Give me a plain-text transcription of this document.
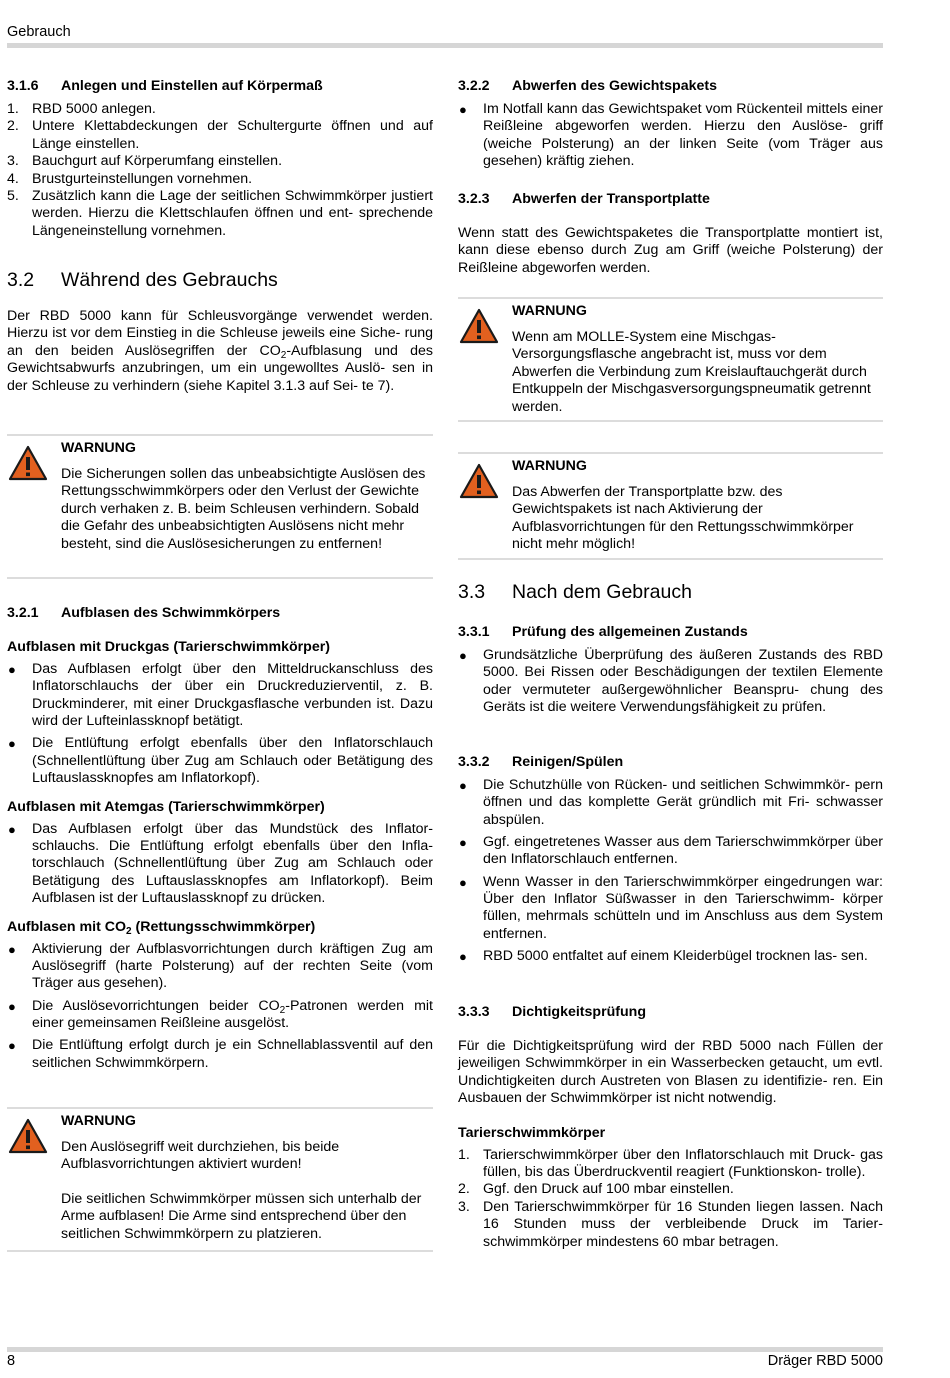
Gebrauch
3.1.6 Anlegen und Einstellen auf Körpermaß
1. RBD 5000 anlegen.
2. Untere Klettabdeckungen der Schultergurte öffnen und auf Länge einstellen.
3. Bauchgurt auf Körperumfang einstellen.
4. Brustgurteinstellungen vornehmen.
5. Zusätzlich kann die Lage der seitlichen Schwimmkörper justiert werden. Hierzu die Klettschlaufen öffnen und ent- sprechende Längeneinstellung vornehmen.
3.2 Während des Gebrauchs

Der RBD 5000 kann für Schleusvorgänge verwendet werden. Hierzu ist vor dem Einstieg in die Schleuse jeweils eine Siche- rung an den beiden Auslösegriffen der $CO_2$-Aufblasung und des Gewichtsabwurfs anzubringen, um ein ungewolltes Auslö- sen in der Schleuse zu verhindern (siehe Kapitel 3.1.3 auf Sei- te 7).

WARNUNG
Die Sicherungen sollen das unbeabsichtigte Auslösen des Rettungsschwimmkörpers oder den Verlust der Gewichte durch verhaken z. B. beim Schleusen verhindern. Sobald die Gefahr des unbeabsichtigten Auslösens nicht mehr besteht, sind die Auslösesicherungen zu entfernen!
3.2.1 Aufblasen des Schwimmkörpers
Aufblasen mit Druckgas (Tarierschwimmkörper)
● Das Aufblasen erfolgt über den Mitteldruckanschluss des Inflatorschlauchs der über ein Druckreduzierventil, z. B. Druckminderer, mit einer Druckgasflasche verbunden ist. Dazu wird der Lufteinlassknopf betätigt.
● Die Entlüftung erfolgt ebenfalls über den Inflatorschlauch (Schnellentlüftung über Zug am Schlauch oder Betätigung des Luftauslassknopfes am Inflatorkopf).
Aufblasen mit Atemgas (Tarierschwimmkörper)
● Das Aufblasen erfolgt über das Mundstück des Inflator- schlauchs. Die Entlüftung erfolgt ebenfalls über den Infla- torschlauch (Schnellentlüftung über Zug am Schlauch oder Betätigung des Luftauslassknopfes am Inflatorkopf). Beim Aufblasen ist der Luftauslassknopf zu drücken.
Aufblasen mit $CO_2$ (Rettungsschwimmkörper)
● Aktivierung der Aufblasvorrichtungen durch kräftigen Zug am Auslösegriff (harte Polsterung) auf der rechten Seite (vom Träger aus gesehen).
● Die Auslösevorrichtungen beider $CO_2$-Patronen werden mit einer gemeinsamen Reißleine ausgelöst.
● Die Entlüftung erfolgt durch je ein Schnellablassventil auf den seitlichen Schwimmkörpern.
WARNUNG
Den Auslösegriff weit durchziehen, bis beide Aufblasvorrichtungen aktiviert wurden!
Die seitlichen Schwimmkörper müssen sich unterhalb der Arme aufblasen! Die Arme sind entsprechend über den seitlichen Schwimmkörpern zu platzieren.
3.2.2 Abwerfen des Gewichtspakets
● Im Notfall kann das Gewichtspaket vom Rückenteil mittels einer Reißleine abgeworfen werden. Hierzu den Auslöse- griff (weiche Polsterung) an der linken Seite (vom Träger aus gesehen) kräftig ziehen.
3.2.3 Abwerfen der Transportplatte

Wenn statt des Gewichtspaketes die Transportplatte montiert ist, kann diese ebenso durch Zug am Griff (weiche Polsterung) der Reißleine abgeworfen werden.

WARNUNG
Wenn am MOLLE-System eine Mischgas- Versorgungsflasche angebracht ist, muss vor dem Abwerfen die Verbindung zum Kreislauftauchgerät durch Entkuppeln der Mischgasversorgungspneumatik getrennt werden.
WARNUNG
Das Abwerfen der Transportplatte bzw. des Gewichtspakets ist nach Aktivierung der Aufblasvorrichtungen für den Rettungsschwimmkörper nicht mehr möglich!
3.3 Nach dem Gebrauch
3.3.1 Prüfung des allgemeinen Zustands
● Grundsätzliche Überprüfung des äußeren Zustands des RBD 5000. Bei Rissen oder Beschädigungen der textilen Elemente oder vermuteter außergewöhnlicher Beanspru- chung des Geräts ist die weitere Verwendungsfähigkeit zu prüfen.
3.3.2 Reinigen/Spülen
● Die Schutzhülle von Rücken- und seitlichen Schwimmkör- pern öffnen und das komplette Gerät gründlich mit Fri- schwasser abspülen.
● Ggf. eingetretenes Wasser aus dem Tarierschwimmkörper über den Inflatorschlauch entfernen.
● Wenn Wasser in den Tarierschwimmkörper eingedrungen war: Über den Inflator Süßwasser in den Tarierschwimm- körper füllen, mehrmals schütteln und im Anschluss aus dem System entfernen.
● RBD 5000 entfaltet auf einem Kleiderbügel trocknen las- sen.
3.3.3 Dichtigkeitsprüfung

Für die Dichtigkeitsprüfung wird der RBD 5000 nach Füllen der jeweiligen Schwimmkörper in ein Wasserbecken getaucht, um evtl. Undichtigkeiten durch Austreten von Blasen zu identifizie- ren. Ein Ausbauen der Schwimmkörper ist nicht notwendig.

Tarierschwimmkörper
1. Tarierschwimmkörper über den Inflatorschlauch mit Druck- gas füllen, bis das Überdruckventil reagiert (Funktionskon- trolle).
2. Ggf. den Druck auf 100 mbar einstellen.
3. Den Tarierschwimmkörper für 16 Stunden liegen lassen. Nach 16 Stunden muss der verbleibende Druck im Tarier- schwimmkörper mindestens 60 mbar betragen.
8	Dräger RBD 5000
